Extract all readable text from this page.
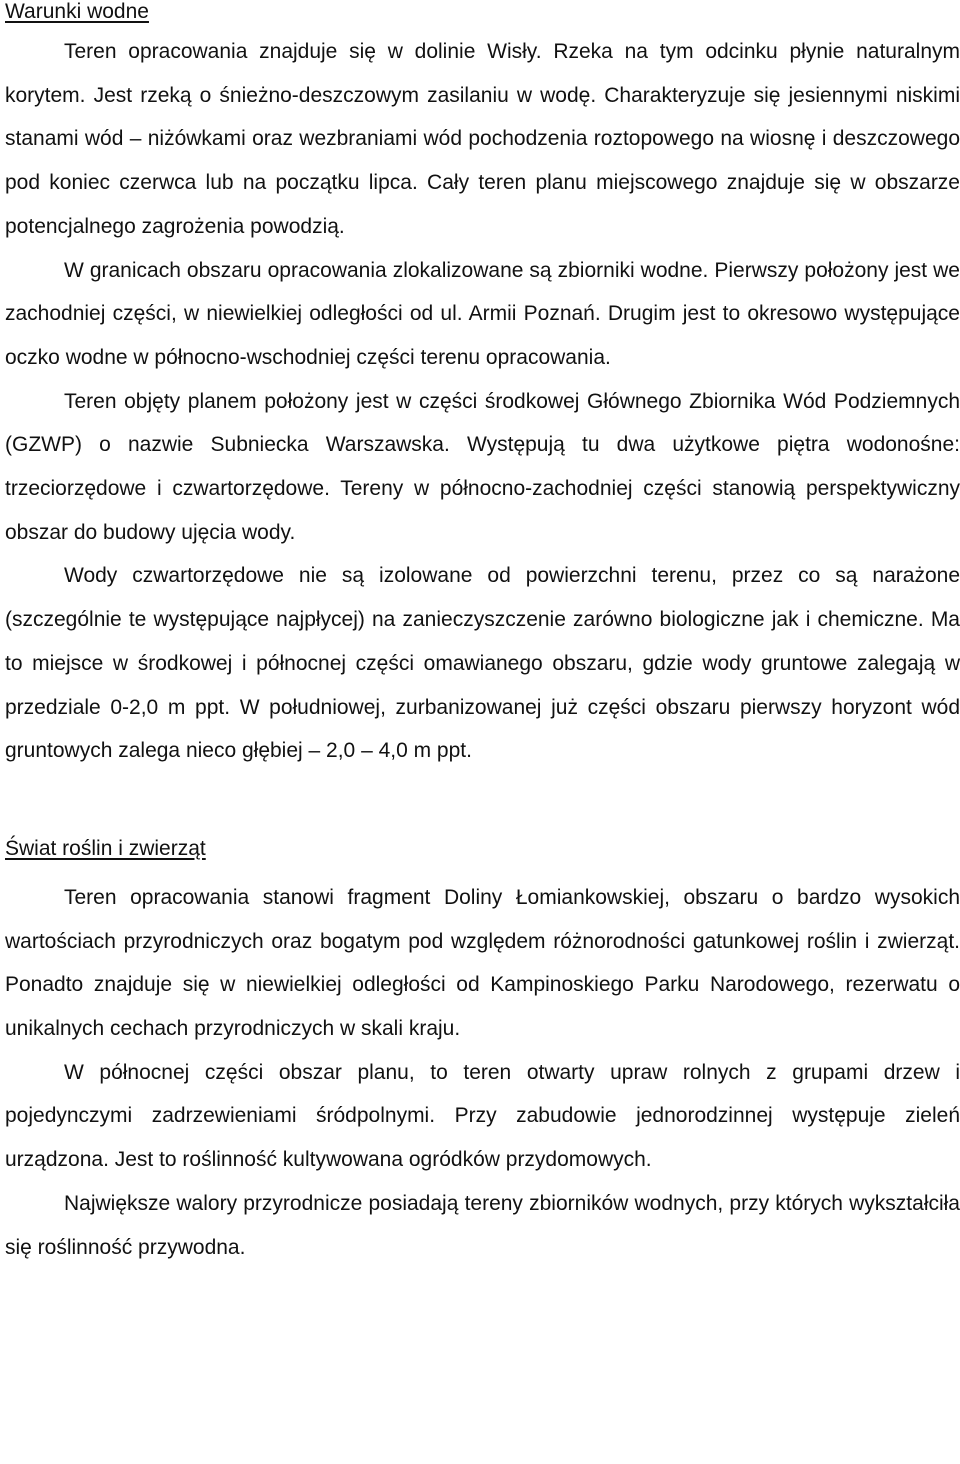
Warunki wodne

Teren opracowania znajduje się w dolinie Wisły. Rzeka na tym odcinku płynie naturalnym korytem. Jest rzeką o śnieżno-deszczowym zasilaniu w wodę. Charakteryzuje się jesiennymi niskimi stanami wód – niżówkami oraz wezbraniami wód pochodzenia roztopowego na wiosnę i deszczowego pod koniec czerwca lub na początku lipca. Cały teren planu miejscowego znajduje się w obszarze potencjalnego zagrożenia powodzią.

W granicach obszaru opracowania zlokalizowane są zbiorniki wodne. Pierwszy położony jest we zachodniej części, w niewielkiej odległości od ul. Armii Poznań. Drugim jest to okresowo występujące oczko wodne w północno-wschodniej części terenu opracowania.

Teren objęty planem położony jest w części środkowej Głównego Zbiornika Wód Podziemnych (GZWP) o nazwie Subniecka Warszawska. Występują tu dwa użytkowe piętra wodonośne: trzeciorzędowe i czwartorzędowe. Tereny w północno-zachodniej części stanowią perspektywiczny obszar do budowy ujęcia wody.

Wody czwartorzędowe nie są izolowane od powierzchni terenu, przez co są narażone (szczególnie te występujące najpłycej) na zanieczyszczenie zarówno biologiczne jak i chemiczne. Ma to miejsce w środkowej i północnej części omawianego obszaru, gdzie wody gruntowe zalegają w przedziale 0-2,0 m ppt. W południowej, zurbanizowanej już części obszaru pierwszy horyzont wód gruntowych zalega nieco głębiej – 2,0 – 4,0 m ppt.

Świat roślin i zwierząt

Teren opracowania stanowi fragment Doliny Łomiankowskiej, obszaru o bardzo wysokich wartościach przyrodniczych oraz bogatym pod względem różnorodności gatunkowej roślin i zwierząt. Ponadto znajduje się w niewielkiej odległości od Kampinoskiego Parku Narodowego, rezerwatu o unikalnych cechach przyrodniczych w skali kraju.

W północnej części obszar planu, to teren otwarty upraw rolnych z grupami drzew i pojedynczymi zadrzewieniami śródpolnymi. Przy zabudowie jednorodzinnej występuje zieleń urządzona. Jest to roślinność kultywowana ogródków przydomowych.

Największe walory przyrodnicze posiadają tereny zbiorników wodnych, przy których wykształciła się roślinność przywodna.
